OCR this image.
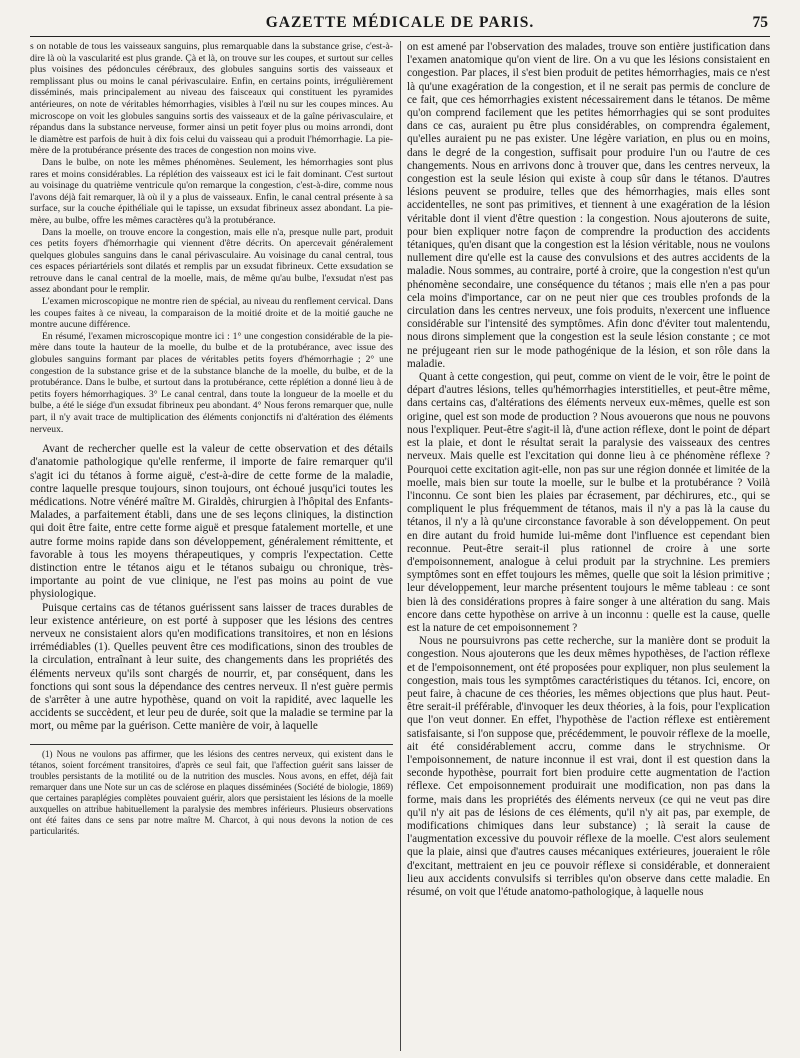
GAZETTE MÉDICALE DE PARIS.	75

s on notable de tous les vaisseaux sanguins, plus remarquable dans la substance grise, c'est-à-dire là où la vascularité est plus grande. Çà et là, on trouve sur les coupes, et surtout sur celles plus voisines des pédoncules cérébraux, des globules sanguins sortis des vaisseaux et remplissant plus ou moins le canal périvasculaire. Enfin, en certains points, irrégulièrement disséminés, mais principalement au niveau des faisceaux qui constituent les pyramides antérieures, on note de véritables hémorrhagies, visibles à l'œil nu sur les coupes minces. Au microscope on voit les globules sanguins sortis des vaisseaux et de la gaîne périvasculaire, et répandus dans la substance nerveuse, former ainsi un petit foyer plus ou moins arrondi, dont le diamètre est parfois de huit à dix fois celui du vaisseau qui a produit l'hémorrhagie. La pie-mère de la protubérance présente des traces de congestion non moins vive.

Dans le bulbe, on note les mêmes phénomènes. Seulement, les hémorrhagies sont plus rares et moins considérables. La réplétion des vaisseaux est ici le fait dominant. C'est surtout au voisinage du quatrième ventricule qu'on remarque la congestion, c'est-à-dire, comme nous l'avons déjà fait remarquer, là où il y a plus de vaisseaux. Enfin, le canal central présente à sa surface, sur la couche épithéliale qui le tapisse, un exsudat fibrineux assez abondant. La pie-mère, au bulbe, offre les mêmes caractères qu'à la protubérance.

Dans la moelle, on trouve encore la congestion, mais elle n'a, presque nulle part, produit ces petits foyers d'hémorrhagie qui viennent d'être décrits. On apercevait généralement quelques globules sanguins dans le canal périvasculaire. Au voisinage du canal central, tous ces espaces périartériels sont dilatés et remplis par un exsudat fibrineux. Cette exsudation se retrouve dans le canal central de la moelle, mais, de même qu'au bulbe, l'exsudat n'est pas assez abondant pour le remplir.

L'examen microscopique ne montre rien de spécial, au niveau du renflement cervical. Dans les coupes faites à ce niveau, la comparaison de la moitié droite et de la moitié gauche ne montre aucune différence.

En résumé, l'examen microscopique montre ici : 1° une congestion considérable de la pie-mère dans toute la hauteur de la moelle, du bulbe et de la protubérance, avec issue des globules sanguins formant par places de véritables petits foyers d'hémorrhagie ; 2° une congestion de la substance grise et de la substance blanche de la moelle, du bulbe, et de la protubérance. Dans le bulbe, et surtout dans la protubérance, cette réplétion a donné lieu à de petits foyers hémorrhagiques. 3° Le canal central, dans toute la longueur de la moelle et du bulbe, a été le siége d'un exsudat fibrineux peu abondant. 4° Nous ferons remarquer que, nulle part, il n'y avait trace de multiplication des éléments conjonctifs ni d'altération des éléments nerveux.

Avant de rechercher quelle est la valeur de cette observation et des détails d'anatomie pathologique qu'elle renferme, il importe de faire remarquer qu'il s'agit ici du tétanos à forme aiguë, c'est-à-dire de cette forme de la maladie, contre laquelle presque toujours, sinon toujours, ont échoué jusqu'ici toutes les médications. Notre vénéré maître M. Giraldès, chirurgien à l'hôpital des Enfants-Malades, a parfaitement établi, dans une de ses leçons cliniques, la distinction qui doit être faite, entre cette forme aiguë et presque fatalement mortelle, et une autre forme moins rapide dans son développement, généralement rémittente, et favorable à tous les moyens thérapeutiques, y compris l'expectation. Cette distinction entre le tétanos aigu et le tétanos subaigu ou chronique, très-importante au point de vue clinique, ne l'est pas moins au point de vue physiologique.

Puisque certains cas de tétanos guérissent sans laisser de traces durables de leur existence antérieure, on est porté à supposer que les lésions des centres nerveux ne consistaient alors qu'en modifications transitoires, et non en lésions irrémédiables (1). Quelles peuvent être ces modifications, sinon des troubles de la circulation, entraînant à leur suite, des changements dans les propriétés des éléments nerveux qu'ils sont chargés de nourrir, et, par conséquent, dans les fonctions qui sont sous la dépendance des centres nerveux. Il n'est guère permis de s'arrêter à une autre hypothèse, quand on voit la rapidité, avec laquelle les accidents se succèdent, et leur peu de durée, soit que la maladie se termine par la mort, ou même par la guérison. Cette manière de voir, à laquelle

(1) Nous ne voulons pas affirmer, que les lésions des centres nerveux, qui existent dans le tétanos, soient forcément transitoires, d'après ce seul fait, que l'affection guérit sans laisser de troubles persistants de la motilité ou de la nutrition des muscles. Nous avons, en effet, déjà fait remarquer dans une Note sur un cas de sclérose en plaques disséminées (Société de biologie, 1869) que certaines paraplégies complètes pouvaient guérir, alors que persistaient les lésions de la moelle auxquelles on attribue habituellement la paralysie des membres inférieurs. Plusieurs observations ont été faites dans ce sens par notre maître M. Charcot, à qui nous devons la notion de ces particularités.

on est amené par l'observation des malades, trouve son entière justification dans l'examen anatomique qu'on vient de lire. On a vu que les lésions consistaient en congestion. Par places, il s'est bien produit de petites hémorrhagies, mais ce n'est là qu'une exagération de la congestion, et il ne serait pas permis de conclure de ce fait, que ces hémorrhagies existent nécessairement dans le tétanos. De même qu'on comprend facilement que les petites hémorrhagies qui se sont produites dans ce cas, auraient pu être plus considérables, on comprendra également, qu'elles auraient pu ne pas exister. Une légère variation, en plus ou en moins, dans le degré de la congestion, suffisait pour produire l'un ou l'autre de ces changements. Nous en arrivons donc à trouver que, dans les centres nerveux, la congestion est la seule lésion qui existe à coup sûr dans le tétanos. D'autres lésions peuvent se produire, telles que des hémorrhagies, mais elles sont accidentelles, ne sont pas primitives, et tiennent à une exagération de la lésion véritable dont il vient d'être question : la congestion. Nous ajouterons de suite, pour bien expliquer notre façon de comprendre la production des accidents tétaniques, qu'en disant que la congestion est la lésion véritable, nous ne voulons nullement dire qu'elle est la cause des convulsions et des autres accidents de la maladie. Nous sommes, au contraire, porté à croire, que la congestion n'est qu'un phénomène secondaire, une conséquence du tétanos ; mais elle n'en a pas pour cela moins d'importance, car on ne peut nier que ces troubles profonds de la circulation dans les centres nerveux, une fois produits, n'exercent une influence considérable sur l'intensité des symptômes. Afin donc d'éviter tout malentendu, nous dirons simplement que la congestion est la seule lésion constante ; ce mot ne préjugeant rien sur le mode pathogénique de la lésion, et son rôle dans la maladie.

Quant à cette congestion, qui peut, comme on vient de le voir, être le point de départ d'autres lésions, telles qu'hémorrhagies interstitielles, et peut-être même, dans certains cas, d'altérations des éléments nerveux eux-mêmes, quelle est son origine, quel est son mode de production ? Nous avouerons que nous ne pouvons nous l'expliquer. Peut-être s'agit-il là, d'une action réflexe, dont le point de départ est la plaie, et dont le résultat serait la paralysie des vaisseaux des centres nerveux. Mais quelle est l'excitation qui donne lieu à ce phénomène réflexe ? Pourquoi cette excitation agit-elle, non pas sur une région donnée et limitée de la moelle, mais bien sur toute la moelle, sur le bulbe et la protubérance ? Voilà l'inconnu. Ce sont bien les plaies par écrasement, par déchirures, etc., qui se compliquent le plus fréquemment de tétanos, mais il n'y a pas là la cause du tétanos, il n'y a là qu'une circonstance favorable à son développement. On peut en dire autant du froid humide lui-même dont l'influence est cependant bien reconnue. Peut-être serait-il plus rationnel de croire à une sorte d'empoisonnement, analogue à celui produit par la strychnine. Les premiers symptômes sont en effet toujours les mêmes, quelle que soit la lésion primitive ; leur développement, leur marche présentent toujours le même tableau : ce sont bien là des considérations propres à faire songer à une altération du sang. Mais encore dans cette hypothèse on arrive à un inconnu : quelle est la cause, quelle est la nature de cet empoisonnement ?

Nous ne poursuivrons pas cette recherche, sur la manière dont se produit la congestion. Nous ajouterons que les deux mêmes hypothèses, de l'action réflexe et de l'empoisonnement, ont été proposées pour expliquer, non plus seulement la congestion, mais tous les symptômes caractéristiques du tétanos. Ici, encore, on peut faire, à chacune de ces théories, les mêmes objections que plus haut. Peut-être serait-il préférable, d'invoquer les deux théories, à la fois, pour l'explication que l'on veut donner. En effet, l'hypothèse de l'action réflexe est entièrement satisfaisante, si l'on suppose que, précédemment, le pouvoir réflexe de la moelle, ait été considérablement accru, comme dans le strychnisme. Or l'empoisonnement, de nature inconnue il est vrai, dont il est question dans la seconde hypothèse, pourrait fort bien produire cette augmentation de l'action réflexe. Cet empoisonnement produirait une modification, non pas dans la forme, mais dans les propriétés des éléments nerveux (ce qui ne veut pas dire qu'il n'y ait pas de lésions de ces éléments, qu'il n'y ait pas, par exemple, de modifications chimiques dans leur substance) ; là serait la cause de l'augmentation excessive du pouvoir réflexe de la moelle. C'est alors seulement que la plaie, ainsi que d'autres causes mécaniques extérieures, joueraient le rôle d'excitant, mettraient en jeu ce pouvoir réflexe si considérable, et donneraient lieu aux accidents convulsifs si terribles qu'on observe dans cette maladie. En résumé, on voit que l'étude anatomo-pathologique, à laquelle nous
